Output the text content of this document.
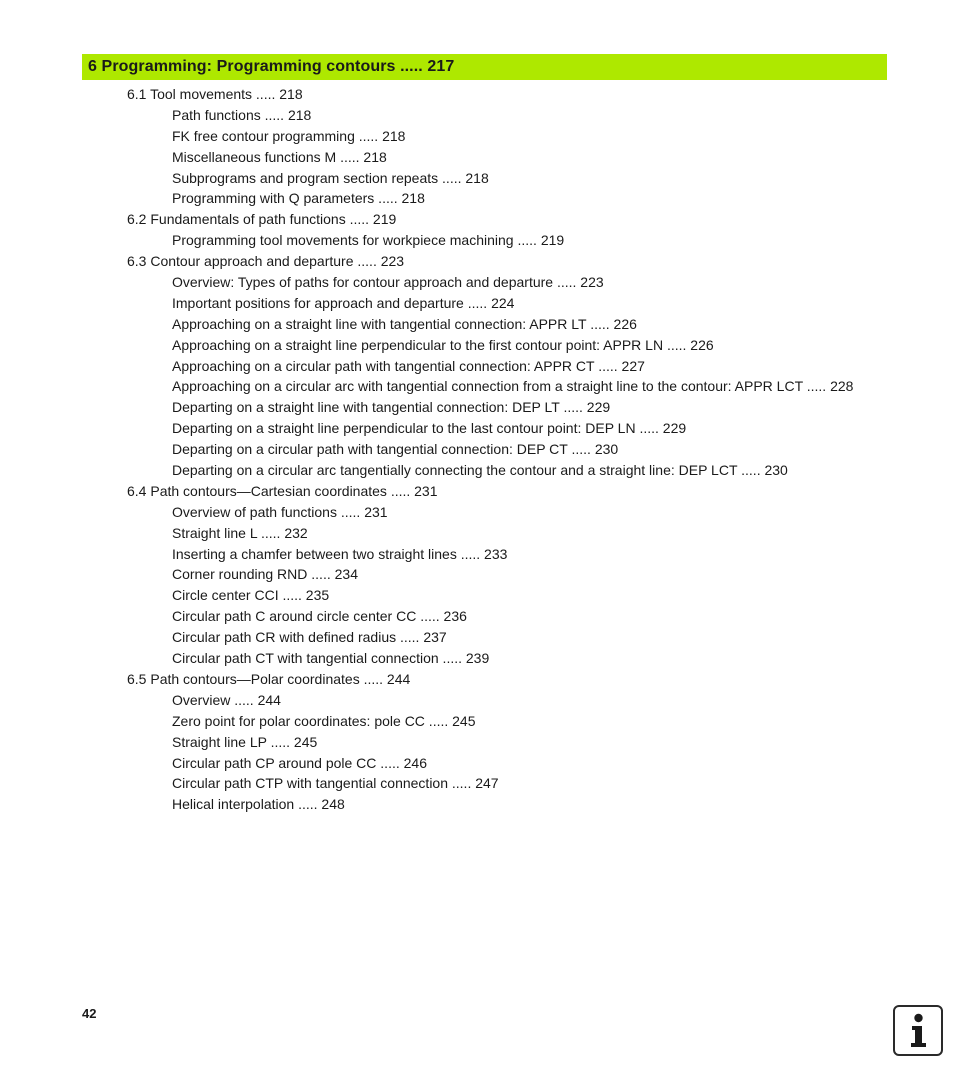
6 Programming: Programming contours ..... 217
6.1 Tool movements ..... 218
Path functions ..... 218
FK free contour programming ..... 218
Miscellaneous functions M ..... 218
Subprograms and program section repeats ..... 218
Programming with Q parameters ..... 218
6.2 Fundamentals of path functions ..... 219
Programming tool movements for workpiece machining ..... 219
6.3 Contour approach and departure ..... 223
Overview: Types of paths for contour approach and departure ..... 223
Important positions for approach and departure ..... 224
Approaching on a straight line with tangential connection: APPR LT ..... 226
Approaching on a straight line perpendicular to the first contour point: APPR LN ..... 226
Approaching on a circular path with tangential connection: APPR CT ..... 227
Approaching on a circular arc with tangential connection from a straight line to the contour: APPR LCT ..... 228
Departing on a straight line with tangential connection: DEP LT ..... 229
Departing on a straight line perpendicular to the last contour point: DEP LN ..... 229
Departing on a circular path with tangential connection: DEP CT ..... 230
Departing on a circular arc tangentially connecting the contour and a straight line: DEP LCT ..... 230
6.4 Path contours—Cartesian coordinates ..... 231
Overview of path functions ..... 231
Straight line L ..... 232
Inserting a chamfer between two straight lines ..... 233
Corner rounding RND ..... 234
Circle center CCI ..... 235
Circular path C around circle center CC ..... 236
Circular path CR with defined radius ..... 237
Circular path CT with tangential connection ..... 239
6.5 Path contours—Polar coordinates ..... 244
Overview ..... 244
Zero point for polar coordinates: pole CC ..... 245
Straight line LP ..... 245
Circular path CP around pole CC ..... 246
Circular path CTP with tangential connection ..... 247
Helical interpolation ..... 248
42
